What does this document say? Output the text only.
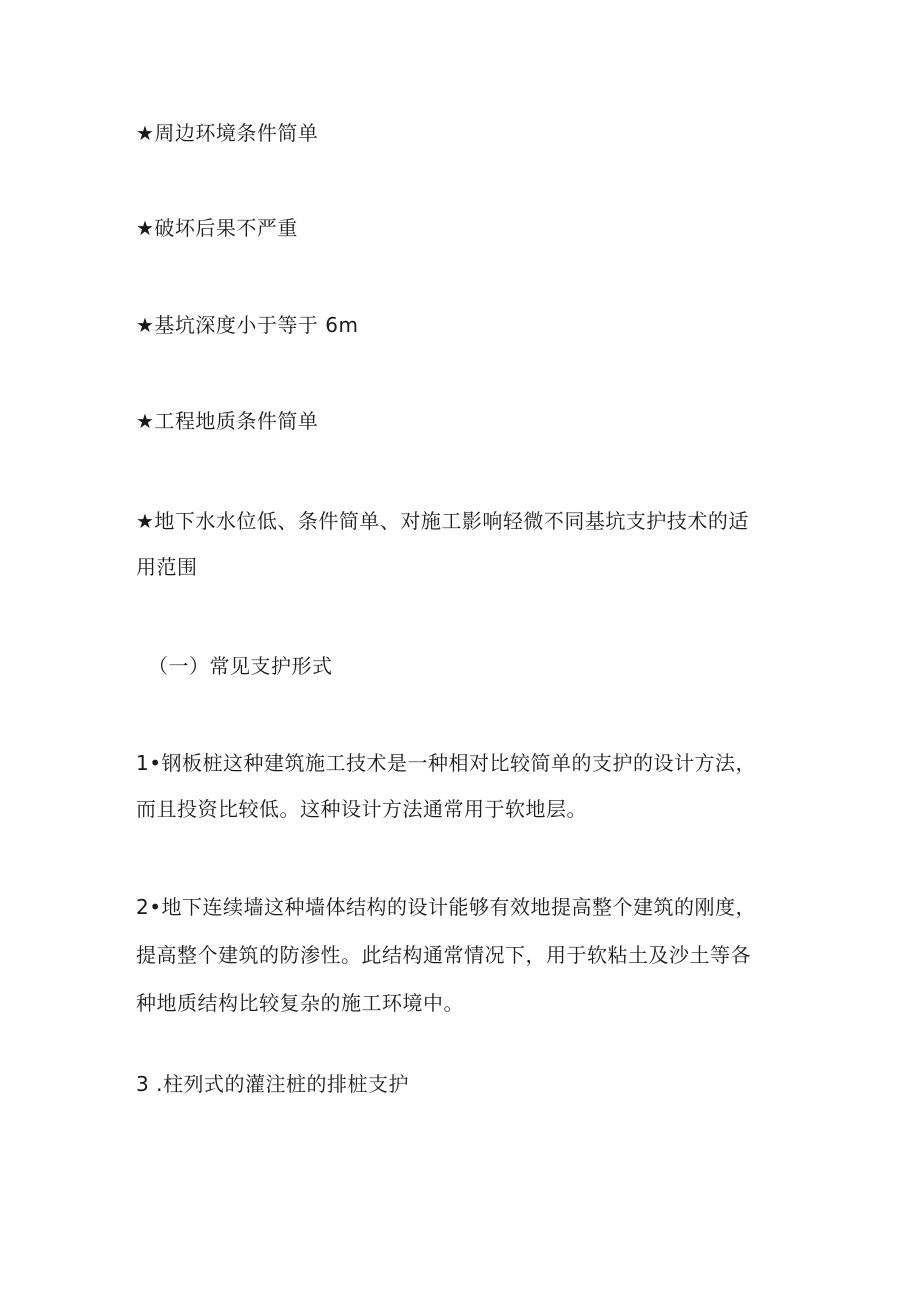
★周边环境条件简单
★破坏后果不严重
★基坑深度小于等于 6m
★工程地质条件简单
★地下水水位低、条件简单、对施工影响轻微不同基坑支护技术的适
用范围
（一）常见支护形式
1•钢板桩这种建筑施工技术是一种相对比较简单的支护的设计方法，
而且投资比较低。这种设计方法通常用于软地层。
2•地下连续墙这种墙体结构的设计能够有效地提高整个建筑的刚度，
提高整个建筑的防渗性。此结构通常情况下，用于软粘土及沙土等各
种地质结构比较复杂的施工环境中。
3 .柱列式的灌注桩的排桩支护
